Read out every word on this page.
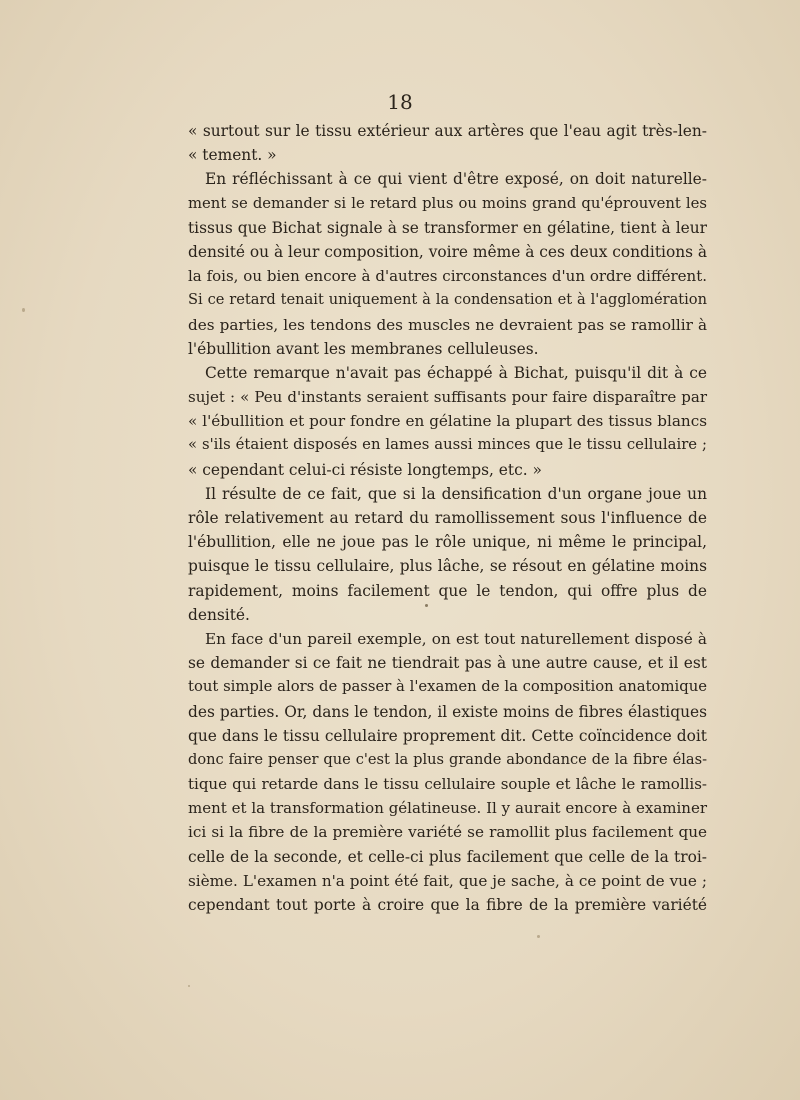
18
« surtout sur le tissu extérieur aux artères que l'eau agit très-len-
« tement. »
En réfléchissant à ce qui vient d'être exposé, on doit naturelle-
ment se demander si le retard plus ou moins grand qu'éprouvent les
tissus que Bichat signale à se transformer en gélatine, tient à leur
densité ou à leur composition, voire même à ces deux conditions à
la fois, ou bien encore à d'autres circonstances d'un ordre différent.
Si ce retard tenait uniquement à la condensation et à l'agglomération
des parties, les tendons des muscles ne devraient pas se ramollir à
l'ébullition avant les membranes celluleuses.
Cette remarque n'avait pas échappé à Bichat, puisqu'il dit à ce
sujet : « Peu d'instants seraient suffisants pour faire disparaître par
« l'ébullition et pour fondre en gélatine la plupart des tissus blancs
« s'ils étaient disposés en lames aussi minces que le tissu cellulaire ;
« cependant celui-ci résiste longtemps, etc. »
Il résulte de ce fait, que si la densification d'un organe joue un
rôle relativement au retard du ramollissement sous l'influence de
l'ébullition, elle ne joue pas le rôle unique, ni même le principal,
puisque le tissu cellulaire, plus lâche, se résout en gélatine moins
rapidement, moins facilement que le tendon, qui offre plus de
densité.
En face d'un pareil exemple, on est tout naturellement disposé à
se demander si ce fait ne tiendrait pas à une autre cause, et il est
tout simple alors de passer à l'examen de la composition anatomique
des parties. Or, dans le tendon, il existe moins de fibres élastiques
que dans le tissu cellulaire proprement dit. Cette coïncidence doit
donc faire penser que c'est la plus grande abondance de la fibre élas-
tique qui retarde dans le tissu cellulaire souple et lâche le ramollis-
ment et la transformation gélatineuse. Il y aurait encore à examiner
ici si la fibre de la première variété se ramollit plus facilement que
celle de la seconde, et celle-ci plus facilement que celle de la troi-
sième. L'examen n'a point été fait, que je sache, à ce point de vue ;
cependant tout porte à croire que la fibre de la première variété
